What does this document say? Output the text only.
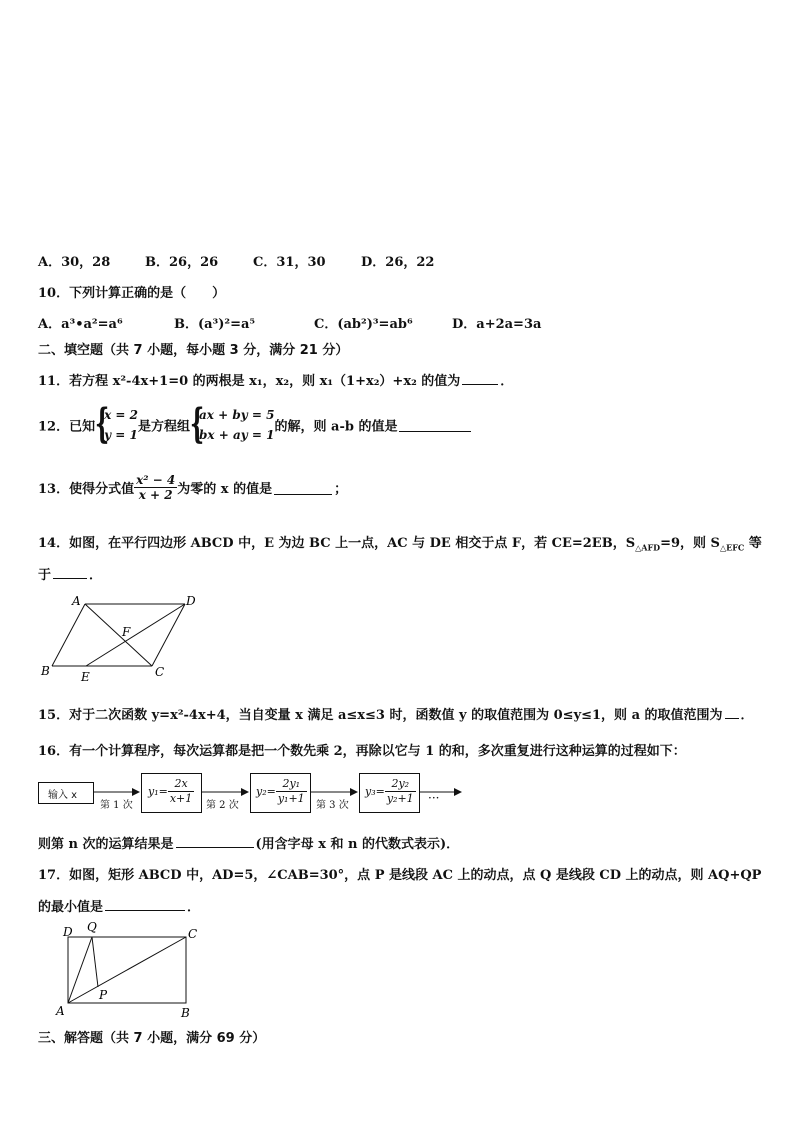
A．30，28	B．26，26	C．31，30	D．26，22
10．下列计算正确的是（　　）
A．a³•a²=a⁶	B．(a³)²=a⁵	C．(ab²)³=ab⁶	D．a+2a=3a
二、填空题（共 7 小题，每小题 3 分，满分 21 分）
11．若方程 x²-4x+1=0 的两根是 x₁，x₂，则 x₁（1+x₂）+x₂ 的值为	．
12．已知 {
x = 2
y = 1
是方程组 {
ax + by = 5
bx + ay = 1
的解，则 a-b 的值是
13．使得分式值 $\frac{\text{x² − 4}}{x + 2}$ 为零的 x 的值是	；
14．如图，在平行四边形 ABCD 中，E 为边 BC 上一点，AC 与 DE 相交于点 F，若 CE=2EB，$S_{\triangle AFD}=9$，则 $S_{\triangle EFC}$ 等
于	．
A	D
F
B	E	C
15．对于二次函数 y=x²-4x+4，当自变量 x 满足 a≤x≤3 时，函数值 y 的取值范围为 0≤y≤1，则 a 的取值范围为 ．
16．有一个计算程序，每次运算都是把一个数先乘 2，再除以它与 1 的和，多次重复进行这种运算的过程如下：
输入 x
第 1 次	第 2 次	第 3 次
$y_1= \frac{2x}{x+1}$	$y_2= \frac{\text{2y₁}}{\text{y₁+1}}$	$y_3= \frac{\text{2y₂}}{\text{y₂+1}}$ ···
则第 n 次的运算结果是	(用含字母 x 和 n 的代数式表示)．
17．如图，矩形 ABCD 中，AD=5，∠CAB=30°，点 P 是线段 AC 上的动点，点 Q 是线段 CD 上的动点，则 AQ+QP
的最小值是	．
D Q	C
P
A	B
三、解答题（共 7 小题，满分 69 分）
